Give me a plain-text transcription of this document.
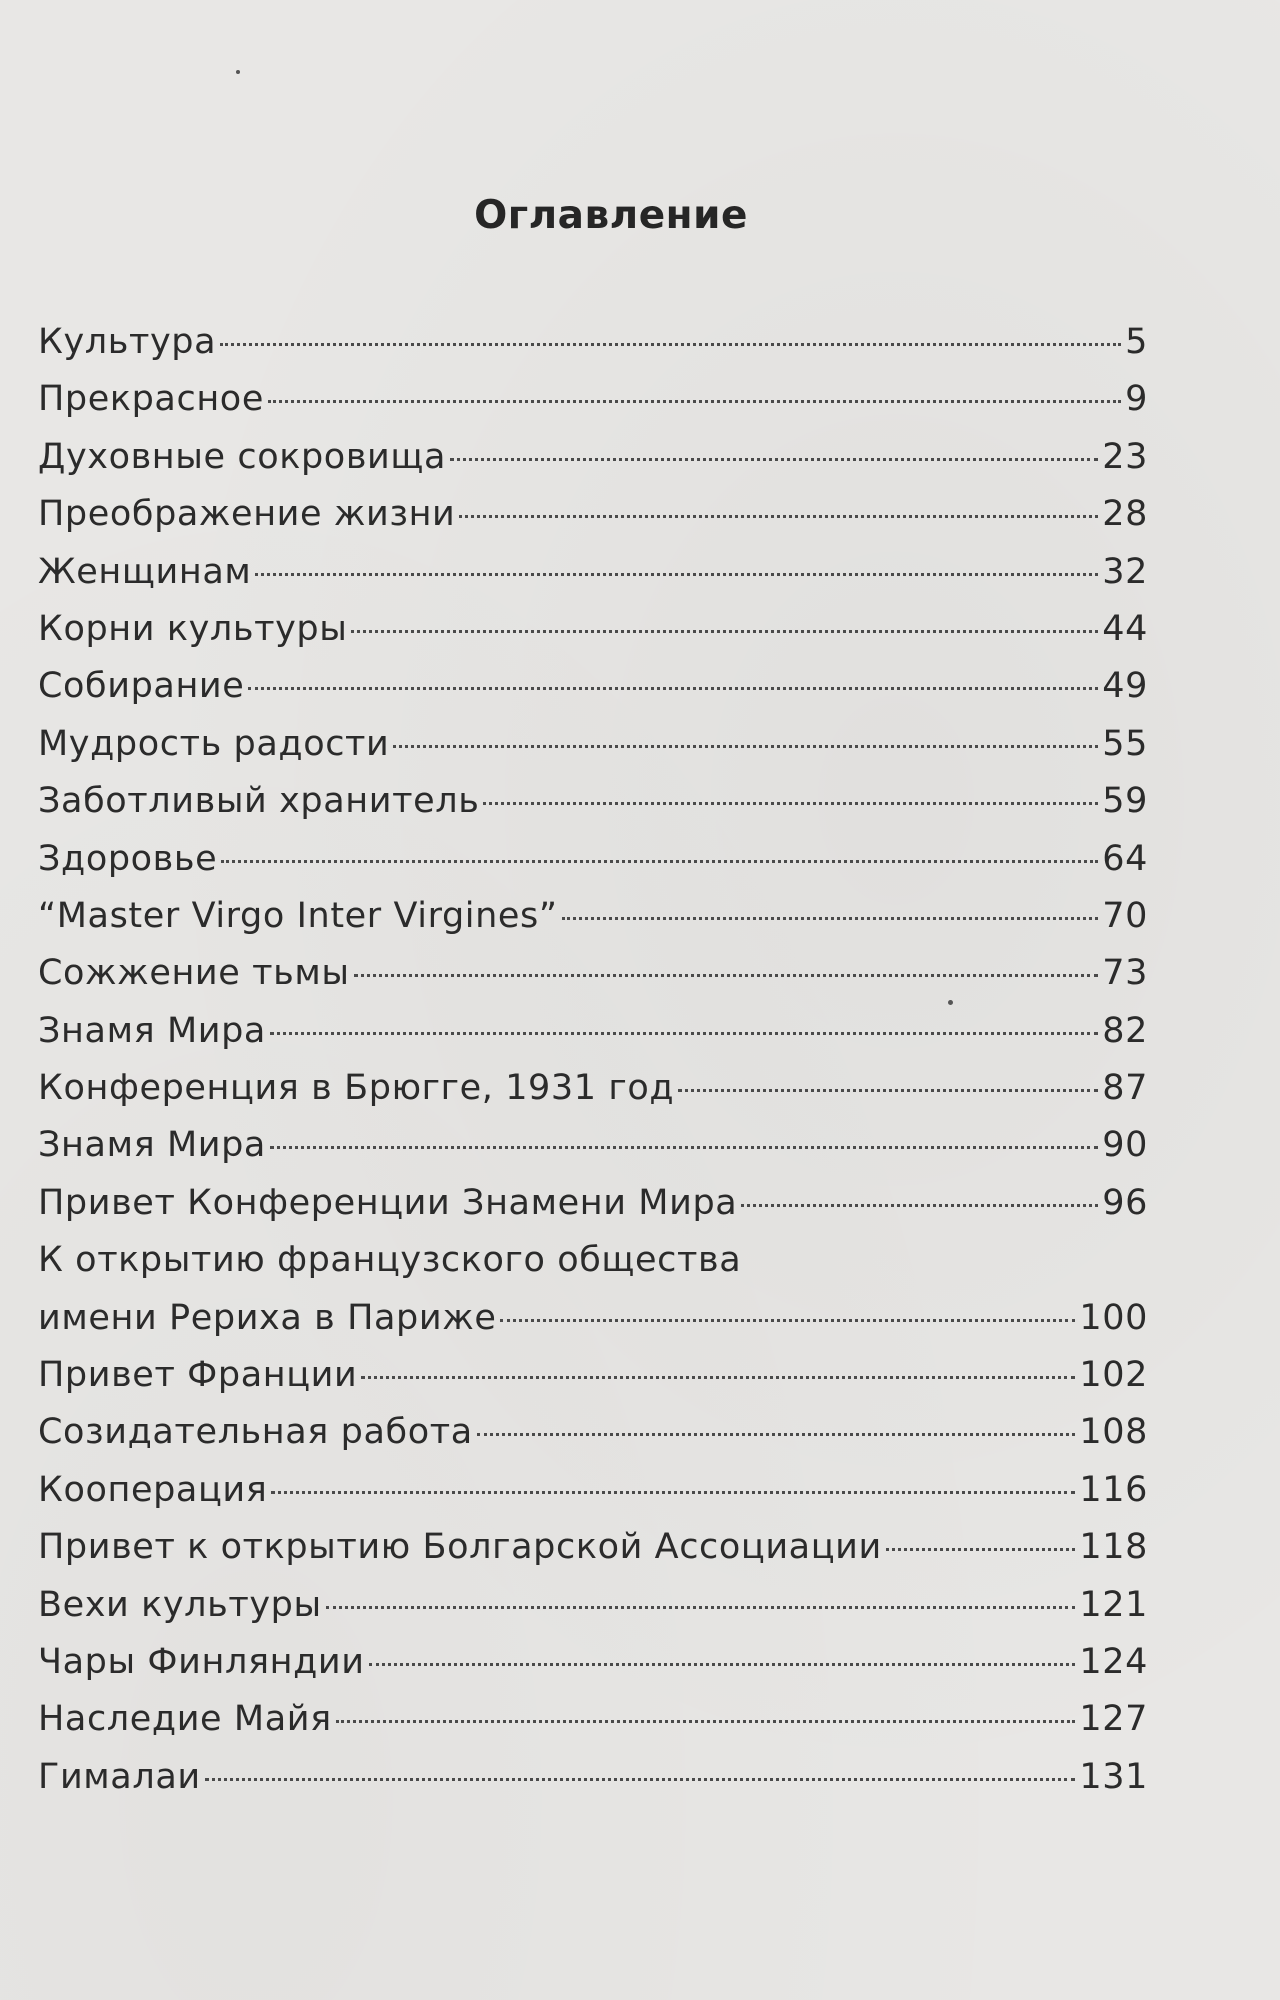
Оглавление
Культура	5
Прекрасное	9
Духовные сокровища	23
Преображение жизни	28
Женщинам	32
Корни культуры	44
Собирание	49
Мудрость радости	55
Заботливый хранитель	59
Здоровье	64
“Master Virgo Inter Virgines”	70
Сожжение тьмы	73
Знамя Мира	82
Конференция в Брюгге, 1931 год	87
Знамя Мира	90
Привет Конференции Знамени Мира	96
К открытию французского общества
имени Рериха в Париже	100
Привет Франции	102
Созидательная работа	108
Кооперация	116
Привет к открытию Болгарской Ассоциации	118
Вехи культуры	121
Чары Финляндии	124
Наследие Майя	127
Гималаи	131
